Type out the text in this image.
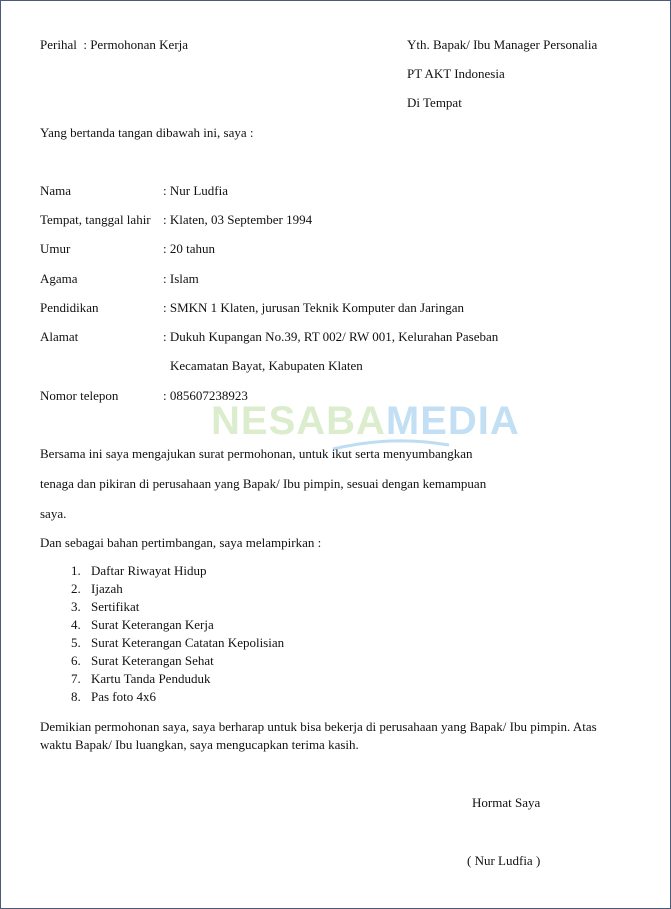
Perihal  : Permohonan Kerja	Yth. Bapak/ Ibu Manager Personalia
PT AKT Indonesia
Di Tempat
Yang bertanda tangan dibawah ini, saya :
Nama	: Nur Ludfia
Tempat, tanggal lahir : Klaten, 03 September 1994
Umur	: 20 tahun
Agama	: Islam
Pendidikan	: SMKN 1 Klaten, jurusan Teknik Komputer dan Jaringan
Alamat	: Dukuh Kupangan No.39, RT 002/ RW 001, Kelurahan Paseban
Kecamatan Bayat, Kabupaten Klaten
Nomor telepon	: 085607238923
NESABAMEDIA
Bersama ini saya mengajukan surat permohonan, untuk ikut serta menyumbangkan
tenaga dan pikiran di perusahaan yang Bapak/ Ibu pimpin, sesuai dengan kemampuan
saya.
Dan sebagai bahan pertimbangan, saya melampirkan :
1. Daftar Riwayat Hidup
2. Ijazah
3. Sertifikat
4. Surat Keterangan Kerja
5. Surat Keterangan Catatan Kepolisian
6. Surat Keterangan Sehat
7. Kartu Tanda Penduduk
8. Pas foto 4x6
Demikian permohonan saya, saya berharap untuk bisa bekerja di perusahaan yang Bapak/ Ibu pimpin. Atas
waktu Bapak/ Ibu luangkan, saya mengucapkan terima kasih.
Hormat Saya
( Nur Ludfia )
